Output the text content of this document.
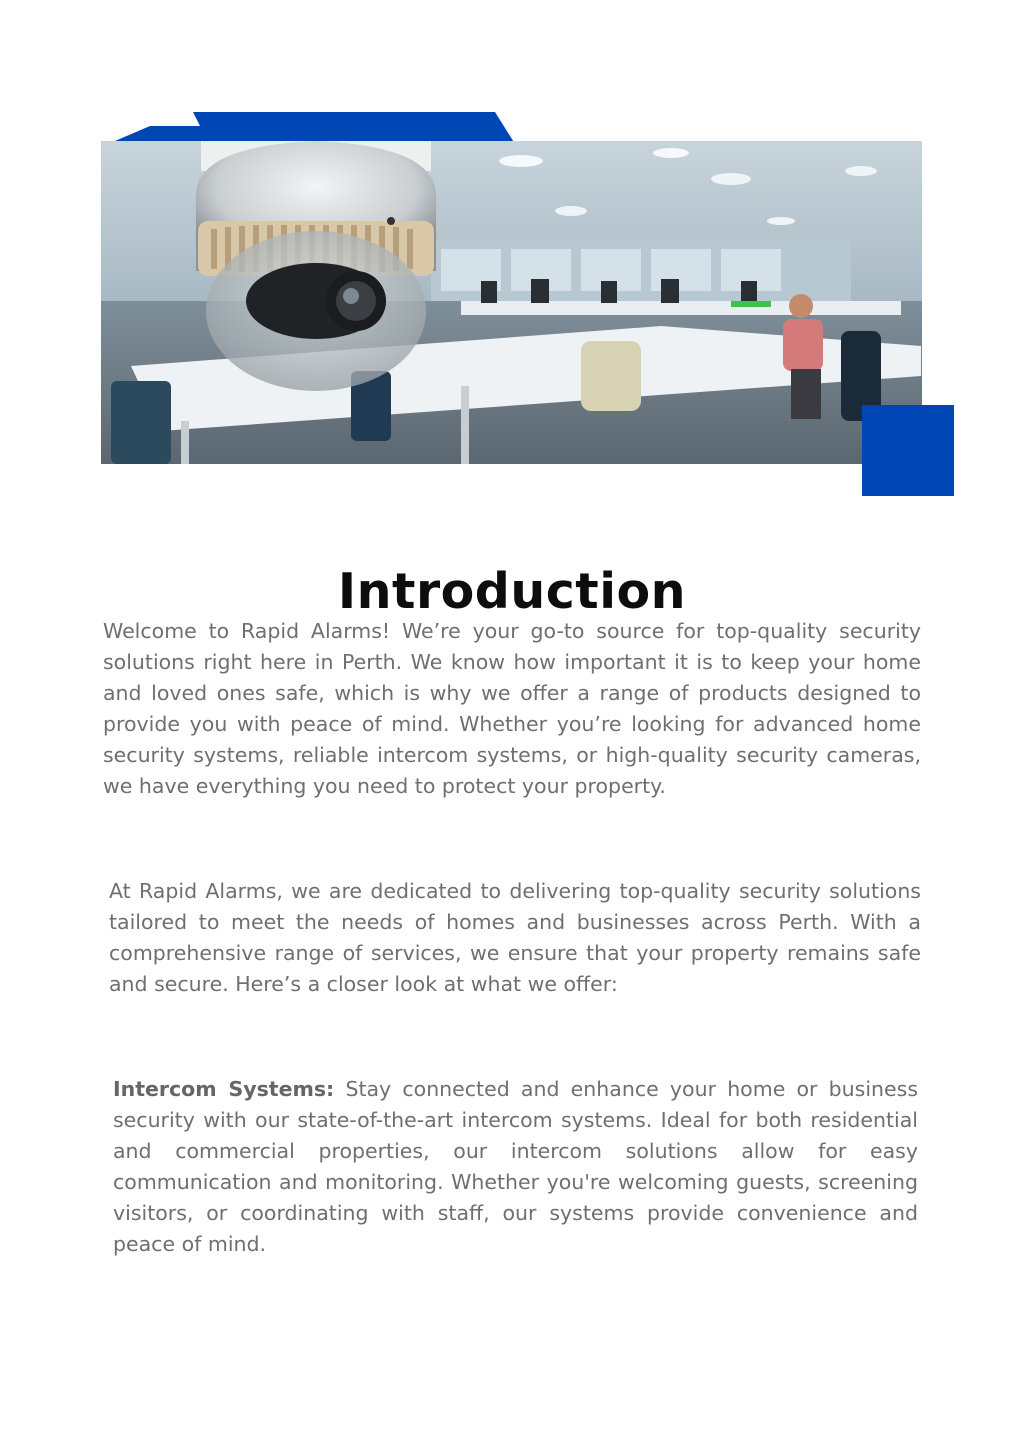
Introduction

Welcome to Rapid Alarms! We’re your go-to source for top-quality security solutions right here in Perth. We know how important it is to keep your home and loved ones safe, which is why we offer a range of products designed to provide you with peace of mind. Whether you’re looking for advanced home security systems, reliable intercom systems, or high-quality security cameras, we have everything you need to protect your property.

At Rapid Alarms, we are dedicated to delivering top-quality security solutions tailored to meet the needs of homes and businesses across Perth. With a comprehensive range of services, we ensure that your property remains safe and secure. Here’s a closer look at what we offer:

Intercom Systems: Stay connected and enhance your home or business security with our state-of-the-art intercom systems. Ideal for both residential and commercial properties, our intercom solutions allow for easy communication and monitoring. Whether you're welcoming guests, screening visitors, or coordinating with staff, our systems provide convenience and peace of mind.
